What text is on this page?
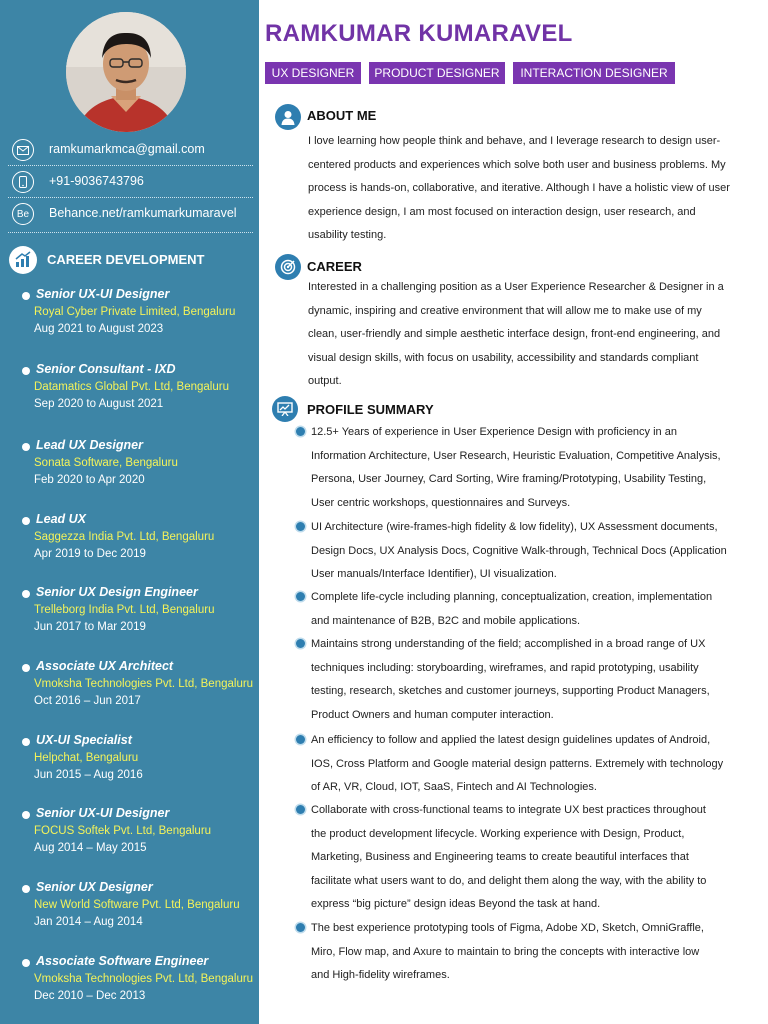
ramkumarkmca@gmail.com
+91-9036743796
Be	Behance.net/ramkumarkumaravel
CAREER DEVELOPMENT
Senior UX-UI Designer
Royal Cyber Private Limited, Bengaluru
Aug 2021 to August 2023
Senior Consultant - IXD
Datamatics Global Pvt. Ltd, Bengaluru
Sep 2020 to August 2021
Lead UX Designer
Sonata Software, Bengaluru
Feb 2020 to Apr 2020
Lead UX
Saggezza India Pvt. Ltd, Bengaluru
Apr 2019 to Dec 2019
Senior UX Design Engineer
Trelleborg India Pvt. Ltd, Bengaluru
Jun 2017 to Mar 2019
Associate UX Architect
Vmoksha Technologies Pvt. Ltd, Bengaluru
Oct 2016 – Jun 2017
UX-UI Specialist
Helpchat, Bengaluru
Jun 2015 – Aug 2016
Senior UX-UI Designer
FOCUS Softek Pvt. Ltd, Bengaluru
Aug 2014 – May 2015
Senior UX Designer
New World Software Pvt. Ltd, Bengaluru
Jan 2014 – Aug 2014
Associate Software Engineer
Vmoksha Technologies Pvt. Ltd, Bengaluru
Dec 2010 – Dec 2013
RAMKUMAR KUMARAVEL
UX DESIGNER	PRODUCT DESIGNER	INTERACTION DESIGNER
ABOUT ME
I love learning how people think and behave, and I leverage research to design user-
centered products and experiences which solve both user and business problems. My
process is hands-on, collaborative, and iterative. Although I have a holistic view of user
experience design, I am most focused on interaction design, user research, and
usability testing.
CAREER
Interested in a challenging position as a User Experience Researcher & Designer in a
dynamic, inspiring and creative environment that will allow me to make use of my
clean, user-friendly and simple aesthetic interface design, front-end engineering, and
visual design skills, with focus on usability, accessibility and standards compliant
output.
PROFILE SUMMARY
12.5+ Years of experience in User Experience Design with proficiency in an
Information Architecture, User Research, Heuristic Evaluation, Competitive Analysis,
Persona, User Journey, Card Sorting, Wire framing/Prototyping, Usability Testing,
User centric workshops, questionnaires and Surveys.
UI Architecture (wire-frames-high fidelity & low fidelity), UX Assessment documents,
Design Docs, UX Analysis Docs, Cognitive Walk-through, Technical Docs (Application
User manuals/Interface Identifier), UI visualization.
Complete life-cycle including planning, conceptualization, creation, implementation
and maintenance of B2B, B2C and mobile applications.
Maintains strong understanding of the field; accomplished in a broad range of UX
techniques including: storyboarding, wireframes, and rapid prototyping, usability
testing, research, sketches and customer journeys, supporting Product Managers,
Product Owners and human computer interaction.
An efficiency to follow and applied the latest design guidelines updates of Android,
IOS, Cross Platform and Google material design patterns. Extremely with technology
of AR, VR, Cloud, IOT, SaaS, Fintech and AI Technologies.
Collaborate with cross-functional teams to integrate UX best practices throughout
the product development lifecycle. Working experience with Design, Product,
Marketing, Business and Engineering teams to create beautiful interfaces that
facilitate what users want to do, and delight them along the way, with the ability to
express “big picture” design ideas Beyond the task at hand.
The best experience prototyping tools of Figma, Adobe XD, Sketch, OmniGraffle,
Miro, Flow map, and Axure to maintain to bring the concepts with interactive low
and High-fidelity wireframes.
